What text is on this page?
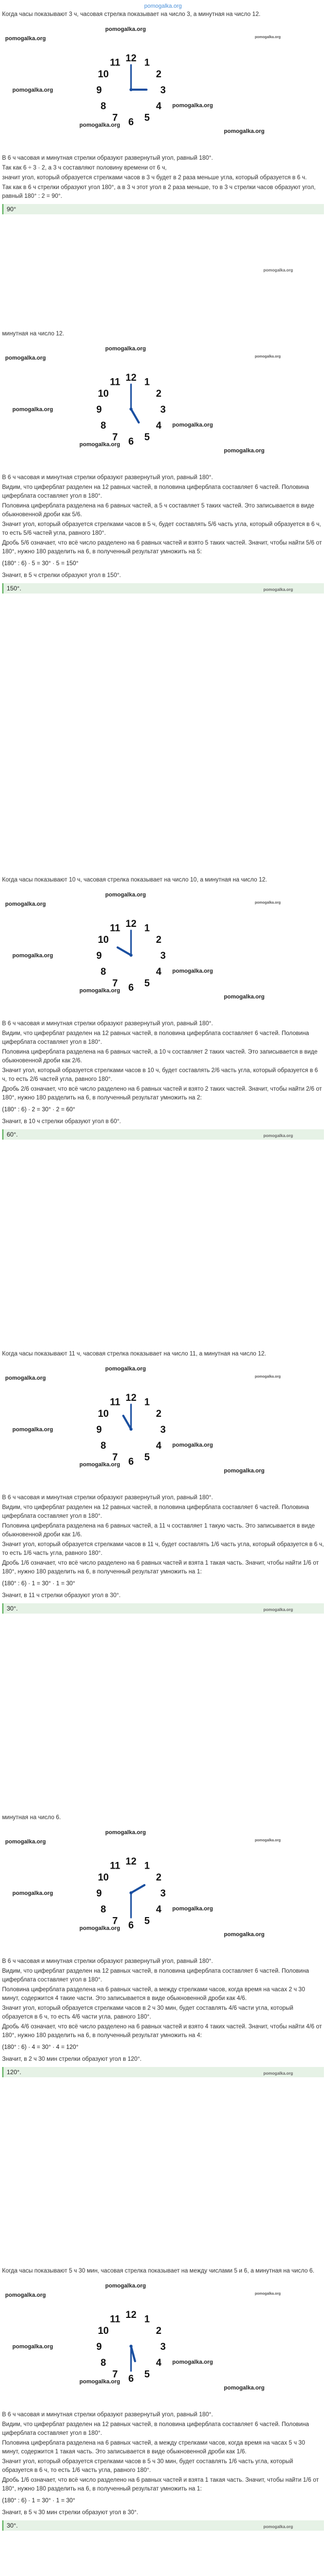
pomogalka.org

Когда часы показывают 3 ч, часовая стрелка показывает на число 3, а минутная на число 12.

12 1
2
3
4
5
6
7
8
9
10
11
pomogalka.org
pomogalka.org
pomogalka.org
pomogalka.org
pomogalka.org
pomogalka.org
pomogalka.org

В 6 ч часовая и минутная стрелки образуют развернутый угол, равный 180°.

Так как 6 ÷ 3 · 2, а 3 ч составляют половину времени от 6 ч,

значит угол, который образуется стрелками часов в 3 ч будет в 2 раза меньше угла, который образуется в 6 ч.

Так как в 6 ч стрелки образуют угол 180°, а в 3 ч этот угол в 2 раза меньше, то в 3 ч стрелки часов образуют угол, равный 180° : 2 = 90°.

90°
pomogalka.org

минутная на число 12.

12 1
2
3
4
5
6
7
8
9
10
11
pomogalka.org
pomogalka.org
pomogalka.org
pomogalka.org
pomogalka.org
pomogalka.org
pomogalka.org

В 6 ч часовая и минутная стрелки образуют развернутый угол, равный 180°.

Видим, что циферблат разделен на 12 равных частей, в половина циферблата составляет 6 частей. Половина циферблата составляет угол в 180°.

Половина циферблата разделена на 6 равных частей, а 5 ч составляет 5 таких частей. Это записывается в виде обыкновенной дроби как 5/6.

Значит угол, который образуется стрелками часов в 5 ч, будет составлять 5/6 часть угла, который образуется в 6 ч, то есть 5/6 частей угла, равного 180°.

Дробь 5/6 означает, что всё число разделено на 6 равных частей и взято 5 таких частей. Значит, чтобы найти 5/6 от 180°, нужно 180 разделить на 6, в полученный результат умножить на 5:

(180° : 6) · 5 = 30° · 5 = 150°

Значит, в 5 ч стрелки образуют угол в 150°.

150°.	pomogalka.org

Когда часы показывают 10 ч, часовая стрелка показывает на число 10, а минутная на число 12.

12 1
2
3
4
5
6
7
8
9
10
11
pomogalka.org
pomogalka.org
pomogalka.org
pomogalka.org
pomogalka.org
pomogalka.org
pomogalka.org

В 6 ч часовая и минутная стрелки образуют развернутый угол, равный 180°.

Видим, что циферблат разделен на 12 равных частей, в половина циферблата составляет 6 частей. Половина циферблата составляет угол в 180°.

Половина циферблата разделена на 6 равных частей, а 10 ч составляет 2 таких частей. Это записывается в виде обыкновенной дроби как 2/6.

Значит угол, который образуется стрелками часов в 10 ч, будет составлять 2/6 часть угла, который образуется в 6 ч, то есть 2/6 частей угла, равного 180°.

Дробь 2/6 означает, что всё число разделено на 6 равных частей и взято 2 таких частей. Значит, чтобы найти 2/6 от 180°, нужно 180 разделить на 6, в полученный результат умножить на 2:

(180° : 6) · 2 = 30° · 2 = 60°

Значит, в 10 ч стрелки образуют угол в 60°.

60°.	pomogalka.org

Когда часы показывают 11 ч, часовая стрелка показывает на число 11, а минутная на число 12.

12 1
2
3
4
5
6
7
8
9
10
11
pomogalka.org
pomogalka.org
pomogalka.org
pomogalka.org
pomogalka.org
pomogalka.org
pomogalka.org

В 6 ч часовая и минутная стрелки образуют развернутый угол, равный 180°.

Видим, что циферблат разделен на 12 равных частей, в половина циферблата составляет 6 частей. Половина циферблата составляет угол в 180°.

Половина циферблата разделена на 6 равных частей, а 11 ч составляет 1 такую часть. Это записывается в виде обыкновенной дроби как 1/6.

Значит угол, который образуется стрелками часов в 11 ч, будет составлять 1/6 часть угла, который образуется в 6 ч, то есть 1/6 часть угла, равного 180°.

Дробь 1/6 означает, что всё число разделено на 6 равных частей и взята 1 такая часть. Значит, чтобы найти 1/6 от 180°, нужно 180 разделить на 6, в полученный результат умножить на 1:

(180° : 6) · 1 = 30° · 1 = 30°

Значит, в 11 ч стрелки образуют угол в 30°.

30°.	pomogalka.org

минутная на число 6.

12 1
2
3
4
5
6
7
8
9
10
11
pomogalka.org
pomogalka.org
pomogalka.org
pomogalka.org
pomogalka.org
pomogalka.org
pomogalka.org

В 6 ч часовая и минутная стрелки образуют развернутый угол, равный 180°.

Видим, что циферблат разделен на 12 равных частей, в половина циферблата составляет 6 частей. Половина циферблата составляет угол в 180°.

Половина циферблата разделена на 6 равных частей, а между стрелками часов, когда время на часах 2 ч 30 минут, содержится 4 такие части. Это записывается в виде обыкновенной дроби как 4/6.

Значит угол, который образуется стрелками часов в 2 ч 30 мин, будет составлять 4/6 части угла, который образуется в 6 ч, то есть 4/6 части угла, равного 180°.

Дробь 4/6 означает, что всё число разделено на 6 равных частей и взято 4 таких частей. Значит, чтобы найти 4/6 от 180°, нужно 180 разделить на 6, в полученный результат умножить на 4:

(180° : 6) · 4 = 30° · 4 = 120°

Значит, в 2 ч 30 мин стрелки образуют угол в 120°.

120°.	pomogalka.org

Когда часы показывают 5 ч 30 мин, часовая стрелка показывает на между числами 5 и 6, а минутная на число 6.

12 1
2
3
4
5
6
7
8
9
10
11
pomogalka.org
pomogalka.org
pomogalka.org
pomogalka.org
pomogalka.org
pomogalka.org
pomogalka.org

В 6 ч часовая и минутная стрелки образуют развернутый угол, равный 180°.

Видим, что циферблат разделен на 12 равных частей, в половина циферблата составляет 6 частей. Половина циферблата составляет угол в 180°.

Половина циферблата разделена на 6 равных частей, а между стрелками часов, когда время на часах 5 ч 30 минут, содержится 1 такая часть. Это записывается в виде обыкновенной дроби как 1/6.

Значит угол, который образуется стрелками часов в 5 ч 30 мин, будет составлять 1/6 часть угла, который образуется в 6 ч, то есть 1/6 часть угла, равного 180°.

Дробь 1/6 означает, что всё число разделено на 6 равных частей и взята 1 такая часть. Значит, чтобы найти 1/6 от 180°, нужно 180 разделить на 6, в полученный результат умножить на 1:

(180° : 6) · 1 = 30° · 1 = 30°

Значит, в 5 ч 30 мин стрелки образуют угол в 30°.

30°.	pomogalka.org
